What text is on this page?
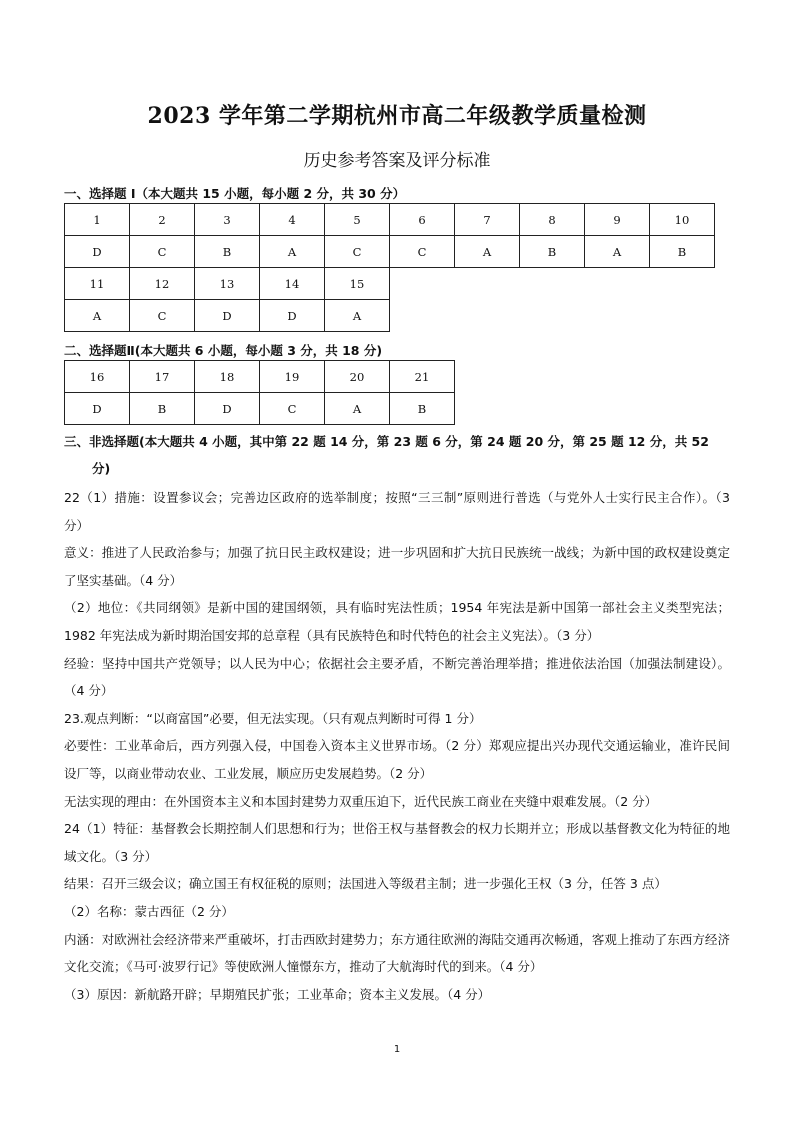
2023 学年第二学期杭州市高二年级教学质量检测
历史参考答案及评分标准
一、选择题 I（本大题共 15 小题，每小题 2 分，共 30 分）
1	2	3	4	5	6	7	8	9	10
D	C	B	A	C	C	A	B	A	B
11	12	13	14	15					
A	C	D	D	A					
二、选择题Ⅱ(本大题共 6 小题，每小题 3 分，共 18 分)
16	17	18	19	20	21
D	B	D	C	A	B
三、非选择题(本大题共 4 小题，其中第 22 题 14 分，第 23 题 6 分，第 24 题 20 分，第 25 题 12 分，共 52
分)

22（1）措施：设置参议会；完善边区政府的选举制度；按照“三三制”原则进行普选（与党外人士实行民主合作）。（3 分）

意义：推进了人民政治参与；加强了抗日民主政权建设；进一步巩固和扩大抗日民族统一战线；为新中国的政权建设奠定了坚实基础。（4 分）

（2）地位：《共同纲领》是新中国的建国纲领，具有临时宪法性质；1954 年宪法是新中国第一部社会主义类型宪法；1982 年宪法成为新时期治国安邦的总章程（具有民族特色和时代特色的社会主义宪法）。（3 分）

经验：坚持中国共产党领导；以人民为中心；依据社会主要矛盾，不断完善治理举措；推进依法治国（加强法制建设）。（4 分）

23.观点判断：“以商富国”必要，但无法实现。（只有观点判断时可得 1 分）

必要性：工业革命后，西方列强入侵，中国卷入资本主义世界市场。（2 分）郑观应提出兴办现代交通运输业，准许民间设厂等，以商业带动农业、工业发展，顺应历史发展趋势。（2 分）

无法实现的理由：在外国资本主义和本国封建势力双重压迫下，近代民族工商业在夹缝中艰难发展。（2 分）

24（1）特征：基督教会长期控制人们思想和行为；世俗王权与基督教会的权力长期并立；形成以基督教文化为特征的地域文化。（3 分）

结果：召开三级会议；确立国王有权征税的原则；法国进入等级君主制；进一步强化王权（3 分，任答 3 点）

（2）名称：蒙古西征（2 分）

内涵：对欧洲社会经济带来严重破坏，打击西欧封建势力；东方通往欧洲的海陆交通再次畅通，客观上推动了东西方经济文化交流；《马可·波罗行记》等使欧洲人憧憬东方，推动了大航海时代的到来。（4 分）

（3）原因：新航路开辟；早期殖民扩张；工业革命；资本主义发展。（4 分）

1
